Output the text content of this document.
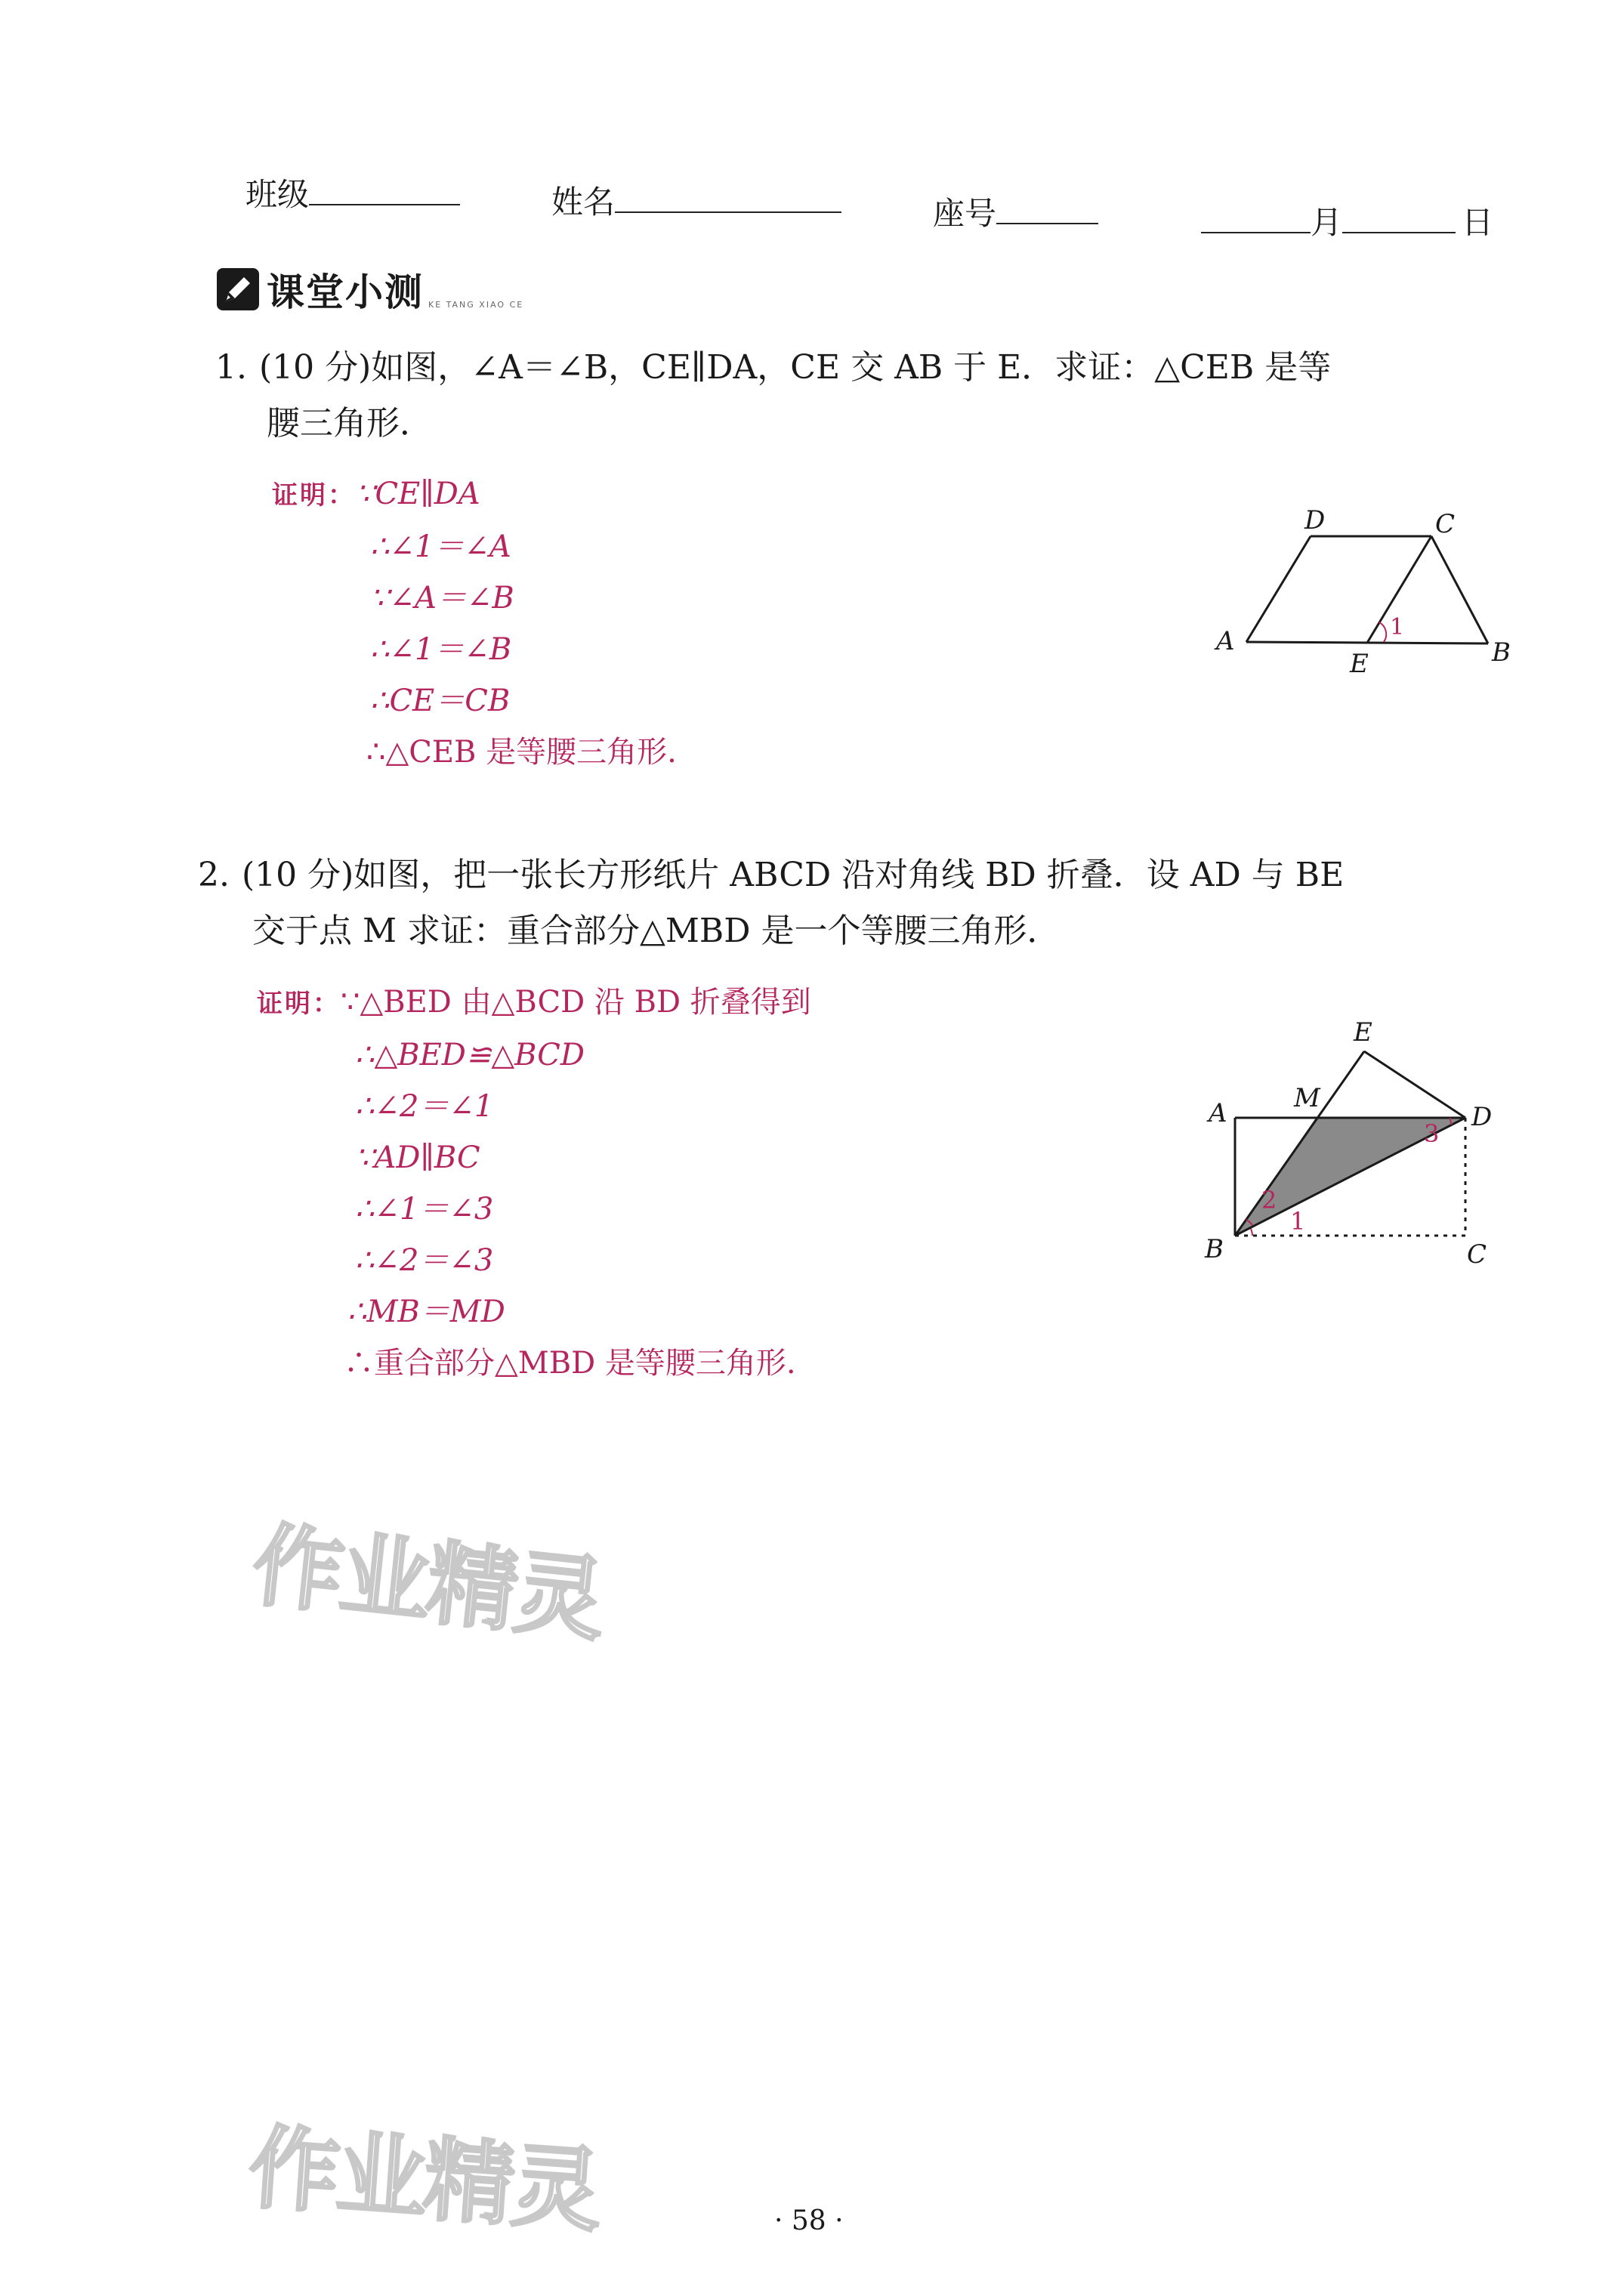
班级	姓名	座号	月	日
课堂小测 KE TANG XIAO CE
1. (10 分)如图，∠A＝∠B，CE∥DA，CE 交 AB 于 E．求证：△CEB 是等
腰三角形．
证明：∵CE∥DA
∴∠1＝∠A
∵∠A＝∠B
∴∠1＝∠B
∴CE＝CB
∴△CEB 是等腰三角形.
A	B
C
D
E
1
2. (10 分)如图，把一张长方形纸片 ABCD 沿对角线 BD 折叠．设 AD 与 BE
交于点 M 求证：重合部分△MBD 是一个等腰三角形．
证明：∵△BED 由△BCD 沿 BD 折叠得到
∴△BED≌△BCD
∴∠2＝∠1
∵AD∥BC
∴∠1＝∠3
∴∠2＝∠3
∴MB＝MD
∴重合部分△MBD 是等腰三角形.
A
B	C
D
E
M
2
1
3
作业精灵
作业精灵	· 58 ·
